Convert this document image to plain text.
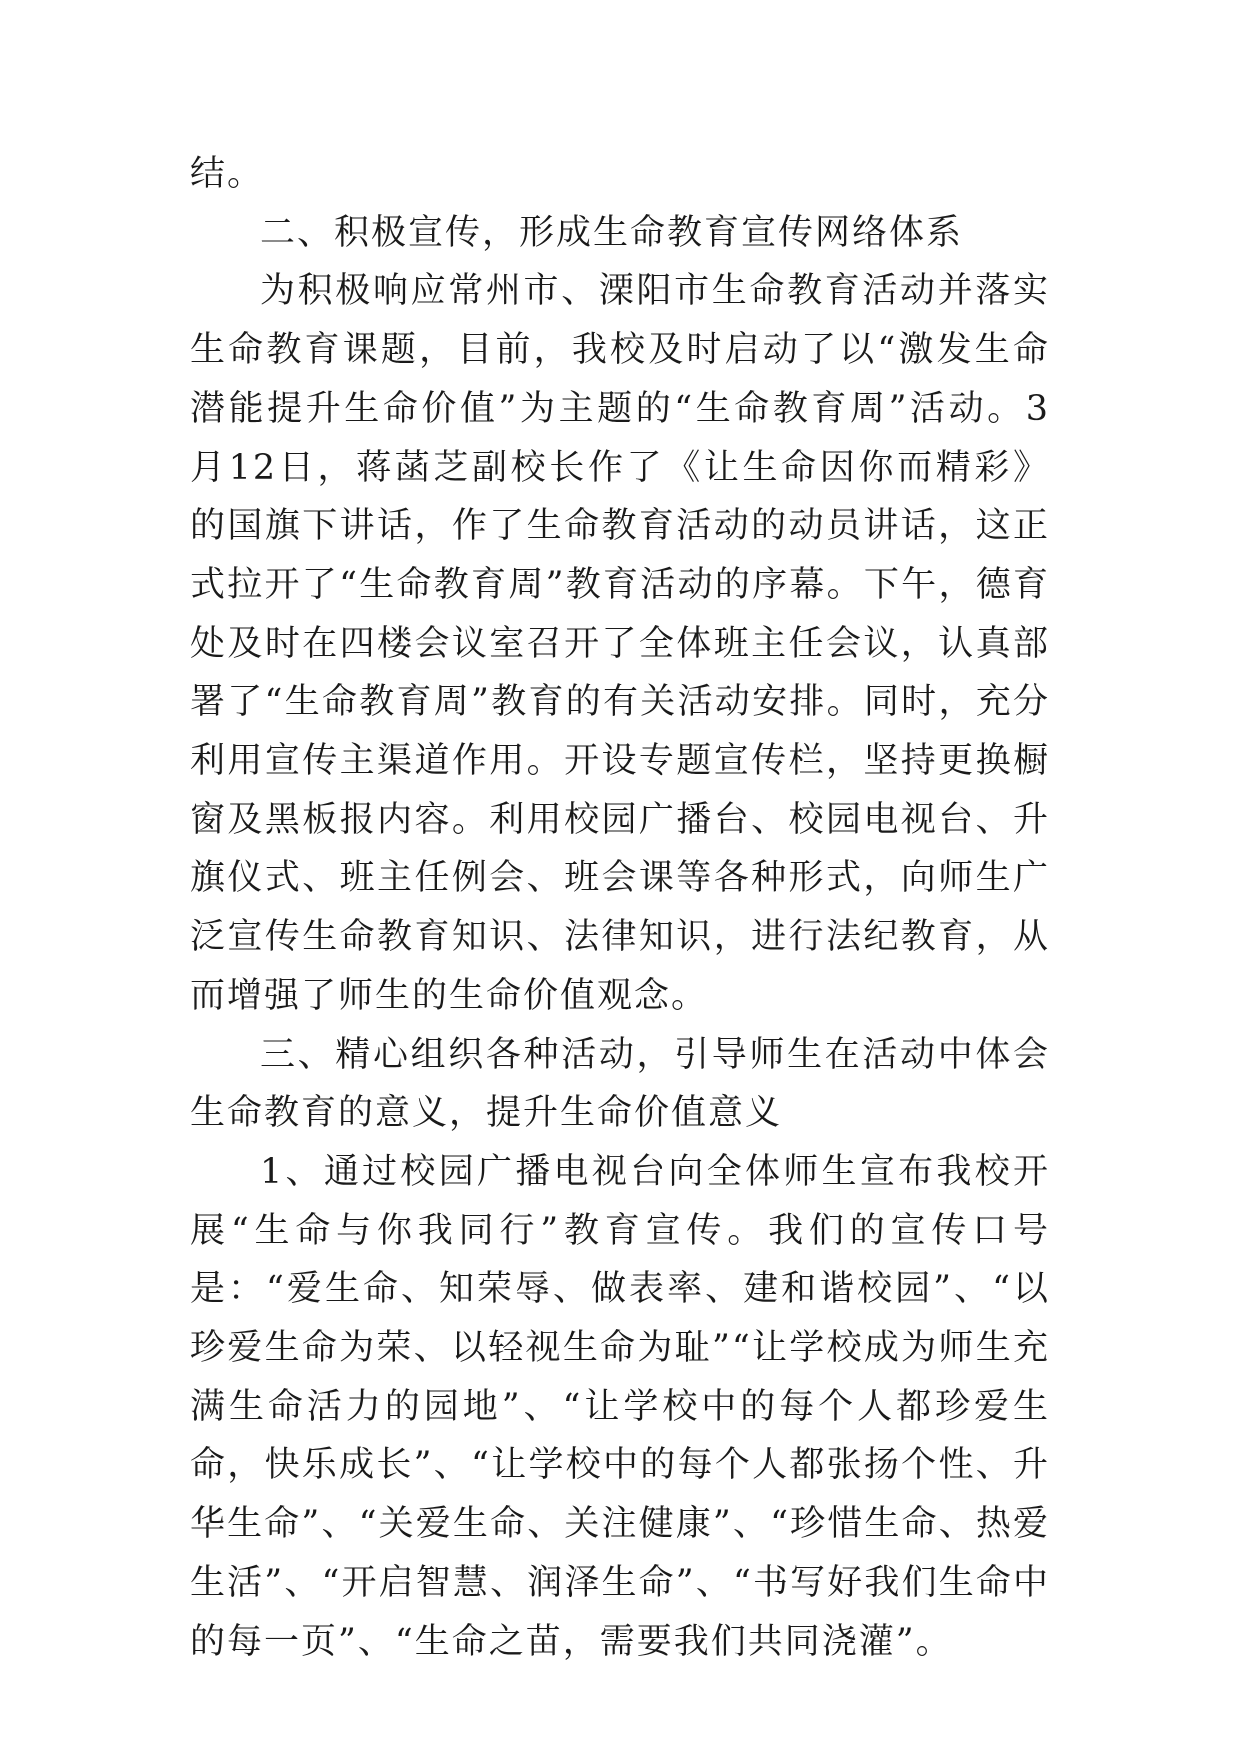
结。

二、积极宣传，形成生命教育宣传网络体系

为积极响应常州市、溧阳市生命教育活动并落实生命教育课题，目前，我校及时启动了以“激发生命潜能提升生命价值”为主题的“生命教育周”活动。3月12日，蒋菡芝副校长作了《让生命因你而精彩》的国旗下讲话，作了生命教育活动的动员讲话，这正式拉开了“生命教育周”教育活动的序幕。下午，德育处及时在四楼会议室召开了全体班主任会议，认真部署了“生命教育周”教育的有关活动安排。同时，充分利用宣传主渠道作用。开设专题宣传栏，坚持更换橱窗及黑板报内容。利用校园广播台、校园电视台、升旗仪式、班主任例会、班会课等各种形式，向师生广泛宣传生命教育知识、法律知识，进行法纪教育，从而增强了师生的生命价值观念。

三、精心组织各种活动，引导师生在活动中体会生命教育的意义，提升生命价值意义

1、通过校园广播电视台向全体师生宣布我校开展“生命与你我同行”教育宣传。我们的宣传口号是：“爱生命、知荣辱、做表率、建和谐校园”、“以珍爱生命为荣、以轻视生命为耻”“让学校成为师生充满生命活力的园地”、“让学校中的每个人都珍爱生命，快乐成长”、“让学校中的每个人都张扬个性、升华生命”、“关爱生命、关注健康”、“珍惜生命、热爱生活”、“开启智慧、润泽生命”、“书写好我们生命中的每一页”、“生命之苗，需要我们共同浇灌”。
